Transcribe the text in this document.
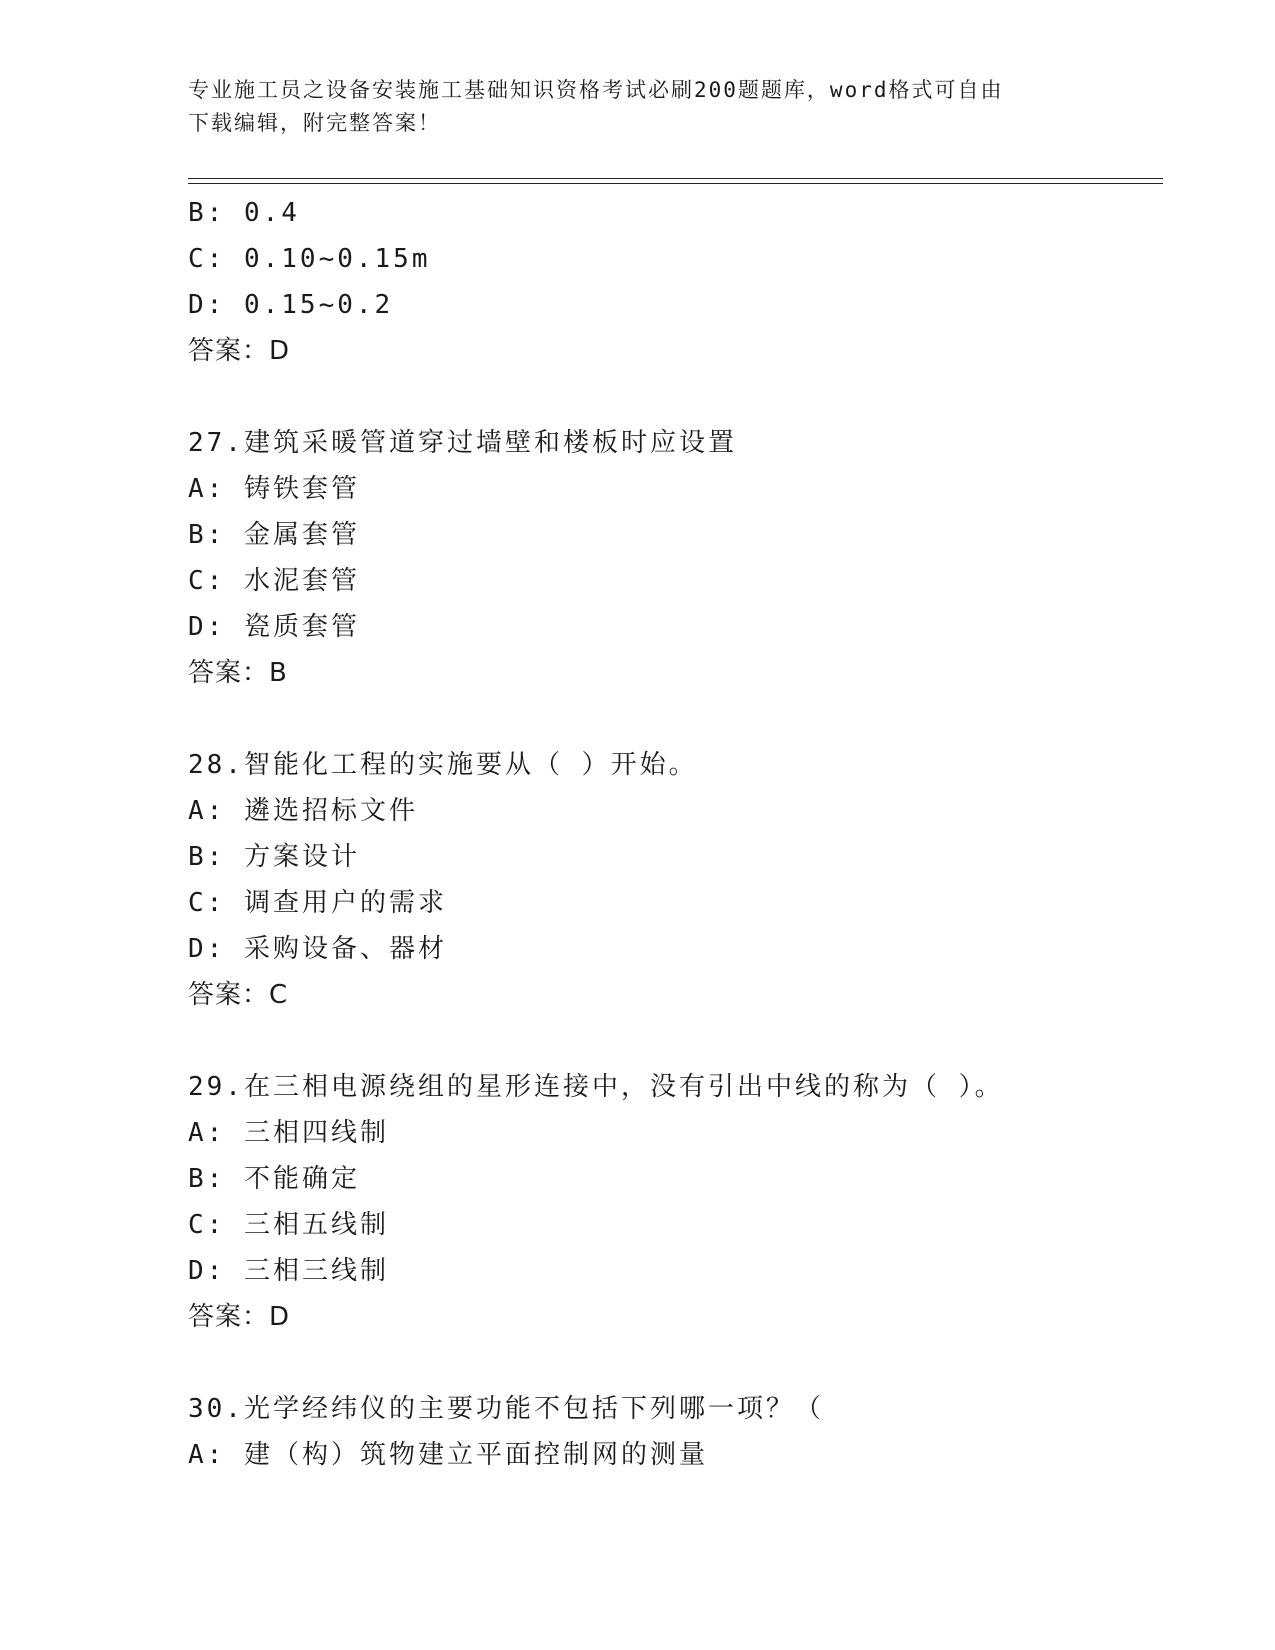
专业施工员之设备安装施工基础知识资格考试必刷200题题库，word格式可自由
下载编辑，附完整答案！
B: 0.4
C: 0.10~0.15m
D: 0.15~0.2
答案：D
27.建筑采暖管道穿过墙壁和楼板时应设置
A: 铸铁套管
B: 金属套管
C: 水泥套管
D: 瓷质套管
答案：B
28.智能化工程的实施要从（ ）开始。
A: 遴选招标文件
B: 方案设计
C: 调查用户的需求
D: 采购设备、器材
答案：C
29.在三相电源绕组的星形连接中，没有引出中线的称为（ ）。
A: 三相四线制
B: 不能确定
C: 三相五线制
D: 三相三线制
答案：D
30.光学经纬仪的主要功能不包括下列哪一项？（
A: 建（构）筑物建立平面控制网的测量
